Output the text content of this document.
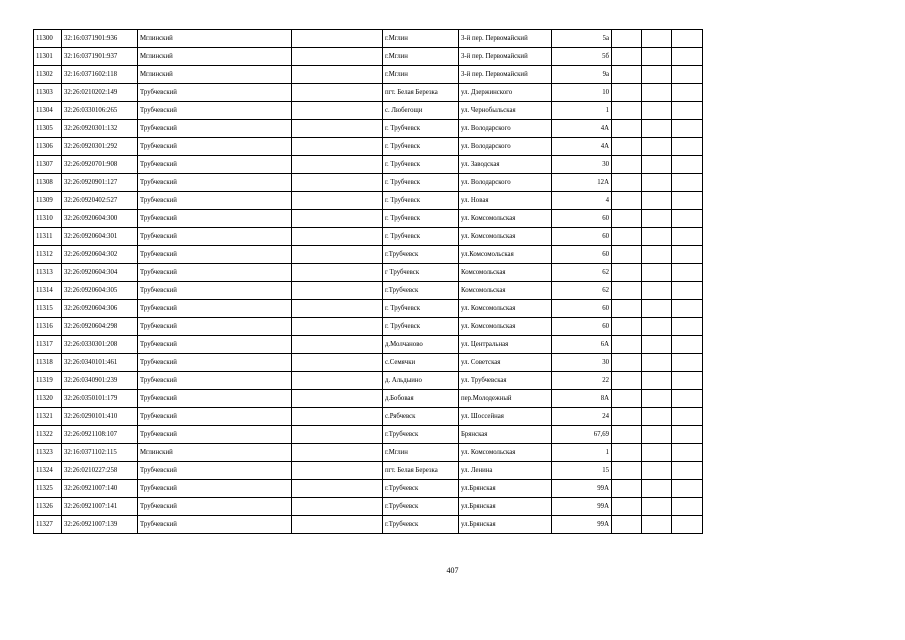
11300	32:16:0371901:936	Мглинский		г.Мглин	3-й пер. Первомайский	5а			
11301	32:16:0371901:937	Мглинский		г.Мглин	3-й пер. Первомайский	5б			
11302	32:16:0371602:118	Мглинский		г.Мглин	3-й пер. Первомайский	9а			
11303	32:26:0210202:149	Трубчевский		пгт. Белая Березка	ул. Дзержинского	10			
11304	32:26:0330106:265	Трубчевский		с. Любегощи	ул. Чернобыльская	1			
11305	32:26:0920301:132	Трубчевский		г. Трубчевск	ул. Володарского	4А			
11306	32:26:0920301:292	Трубчевский		г. Трубчевск	ул. Володарского	4А			
11307	32:26:0920701:908	Трубчевский		г. Трубчевск	ул. Заводская	30			
11308	32:26:0920901:127	Трубчевский		г. Трубчевск	ул. Володарского	12А			
11309	32:26:0920402:527	Трубчевский		г. Трубчевск	ул. Новая	4			
11310	32:26:0920604:300	Трубчевский		г. Трубчевск	ул. Комсомольская	60			
11311	32:26:0920604:301	Трубчевский		г. Трубчевск	ул. Комсомольская	60			
11312	32:26:0920604:302	Трубчевский		г.Трубчевск	ул.Комсомольская	60			
11313	32:26:0920604:304	Трубчевский		г Трубчевск	Комсомольская	62			
11314	32:26:0920604:305	Трубчевский		г.Трубчевск	Комсомольская	62			
11315	32:26:0920604:306	Трубчевский		г. Трубчевск	ул. Комсомольская	60			
11316	32:26:0920604:298	Трубчевский		г. Трубчевск	ул. Комсомольская	60			
11317	32:26:0330301:208	Трубчевский		д.Молчаново	ул. Центральная	6А			
11318	32:26:0340101:461	Трубчевский		с.Семячки	ул. Советская	30			
11319	32:26:0340901:239	Трубчевский		д. Альдыино	ул. Трубчевская	22			
11320	32:26:0350101:179	Трубчевский		д.Бобовая	пер.Молодежный	8А			
11321	32:26:0290101:410	Трубчевский		с.Рябчевск	ул. Шоссейная	24			
11322	32:26:0921108:107	Трубчевский		г.Трубчевск	Брянская	67,69			
11323	32:16:0371102:115	Мглинский		г.Мглин	ул. Комсомольская	1			
11324	32:26:0210227:258	Трубчевский		пгт. Белая Березка	ул. Ленина	15			
11325	32:26:0921007:140	Трубчевский		г.Трубчевск	ул.Брянская	99А			
11326	32:26:0921007:141	Трубчевский		г.Трубчевск	ул.Брянская	99А			
11327	32:26:0921007:139	Трубчевский		г.Трубчевск	ул.Брянская	99А			
407
